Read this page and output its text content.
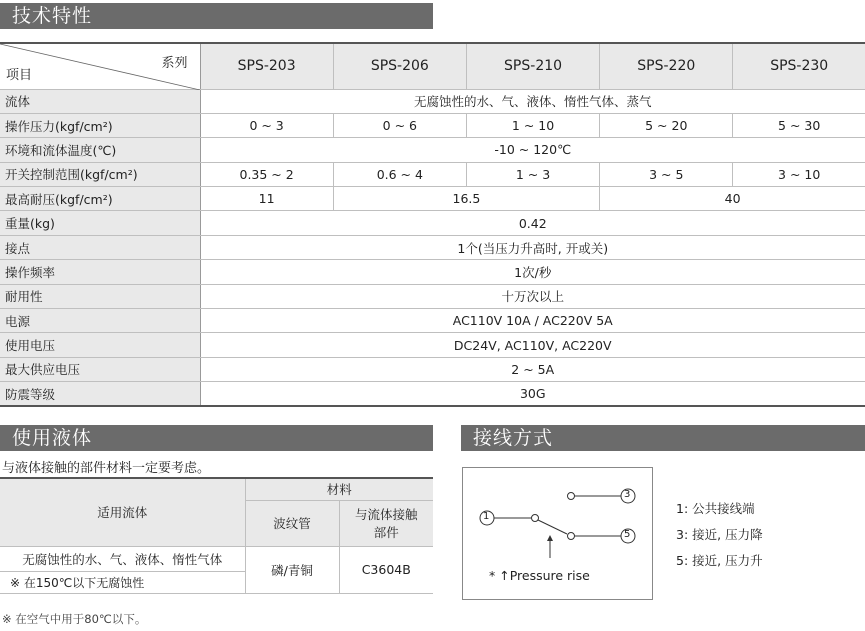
技术特性
系列
项目	SPS-203	SPS-206	SPS-210	SPS-220	SPS-230
流体	无腐蚀性的水、气、液体、惰性气体、蒸气				
操作压力(kgf/cm²)	0 ~ 3	0 ~ 6	1 ~ 10	5 ~ 20	5 ~ 30
环境和流体温度(℃)	-10 ~ 120℃				
开关控制范围(kgf/cm²)	0.35 ~ 2	0.6 ~ 4	1 ~ 3	3 ~ 5	3 ~ 10
最高耐压(kgf/cm²)	11	16.5		40	
重量(kg)	0.42				
接点	1个(当压力升高时, 开或关)				
操作频率	1次/秒				
耐用性	十万次以上				
电源	AC110V 10A / AC220V 5A				
使用电压	DC24V, AC110V, AC220V				
最大供应电压	2 ~ 5A				
防震等级	30G				
使用液体	接线方式
与液体接触的部件材料一定要考虑。
适用流体	材料	
	波纹管	与流体接触部件
无腐蚀性的水、气、液体、惰性气体	磷/青铜	C3604B
※ 在150℃以下无腐蚀性		
※ 在空气中用于80℃以下。
1
3
5
* ↑Pressure rise
1: 公共接线端
3: 接近, 压力降
5: 接近, 压力升
